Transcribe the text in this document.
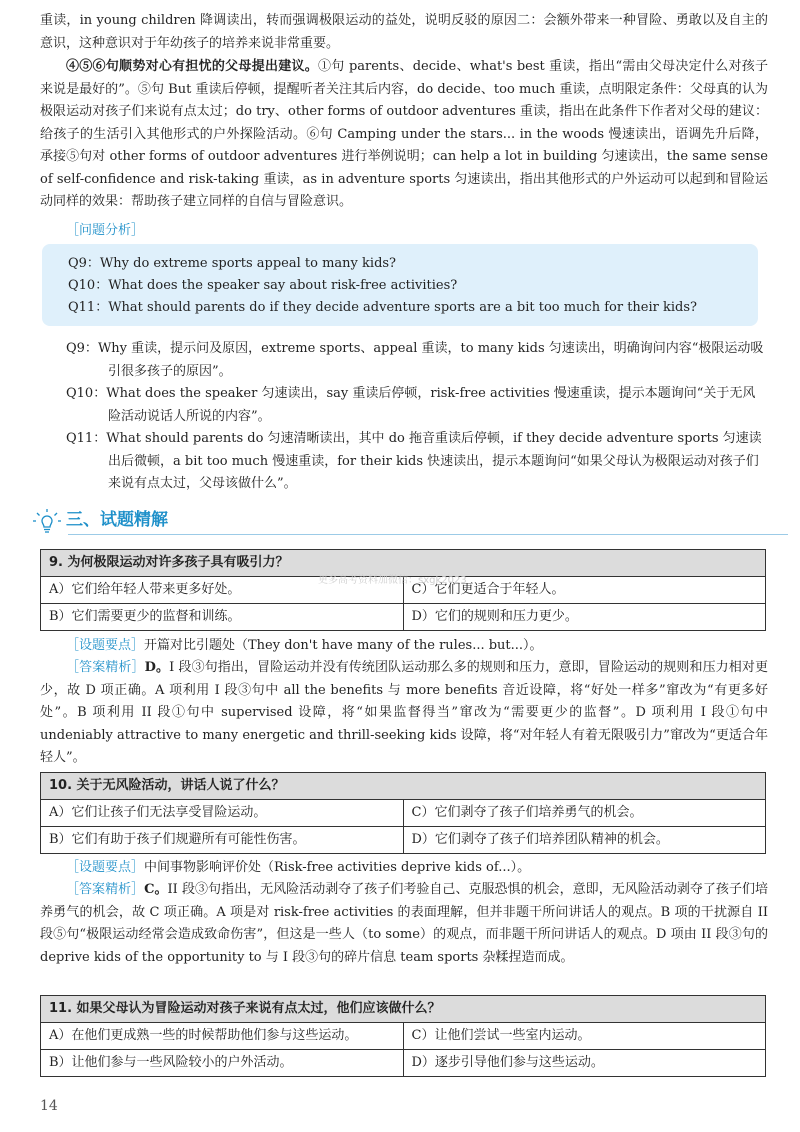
重读，in young children 降调读出，转而强调极限运动的益处，说明反驳的原因二：会额外带来一种冒险、勇敢以及自主的意识，这种意识对于年幼孩子的培养来说非常重要。
④⑤⑥句顺势对心有担忧的父母提出建议。①句 parents、decide、what's best 重读，指出“需由父母决定什么对孩子来说是最好的”。⑤句 But 重读后停顿，提醒听者关注其后内容，do decide、too much 重读，点明限定条件：父母真的认为极限运动对孩子们来说有点太过；do try、other forms of outdoor adventures 重读，指出在此条件下作者对父母的建议：给孩子的生活引入其他形式的户外探险活动。⑥句 Camping under the stars... in the woods 慢速读出，语调先升后降，承接⑤句对 other forms of outdoor adventures 进行举例说明；can help a lot in building 匀速读出，the same sense of self-confidence and risk-taking 重读，as in adventure sports 匀速读出，指出其他形式的户外运动可以起到和冒险运动同样的效果：帮助孩子建立同样的自信与冒险意识。
［问题分析］
Q9：Why do extreme sports appeal to many kids?
Q10：What does the speaker say about risk-free activities?
Q11：What should parents do if they decide adventure sports are a bit too much for their kids?
Q9：Why 重读，提示问及原因，extreme sports、appeal 重读，to many kids 匀速读出，明确询问内容“极限运动吸引很多孩子的原因”。
Q10：What does the speaker 匀速读出，say 重读后停顿，risk-free activities 慢速重读，提示本题询问“关于无风险活动说话人所说的内容”。
Q11：What should parents do 匀速清晰读出，其中 do 拖音重读后停顿，if they decide adventure sports 匀速读出后微顿，a bit too much 慢速重读，for their kids 快速读出，提示本题询问“如果父母认为极限运动对孩子们来说有点太过，父母该做什么”。
三、试题精解
9. 为何极限运动对许多孩子具有吸引力？	
A）它们给年轻人带来更多好处。	C）它们更适合于年轻人。
B）它们需要更少的监督和训练。	D）它们的规则和压力更少。
更多高考资料加微信：sxgk2023

［设题要点］开篇对比引题处（They don't have many of the rules... but...）。

［答案精析］D。I 段③句指出，冒险运动并没有传统团队运动那么多的规则和压力，意即，冒险运动的规则和压力相对更少，故 D 项正确。A 项利用 I 段③句中 all the benefits 与 more benefits 音近设障，将“好处一样多”窜改为“有更多好处”。B 项利用 II 段①句中 supervised 设障，将“如果监督得当”窜改为“需要更少的监督”。D 项利用 I 段①句中 undeniably attractive to many energetic and thrill-seeking kids 设障，将“对年轻人有着无限吸引力”窜改为“更适合年轻人”。

10. 关于无风险活动，讲话人说了什么？	
A）它们让孩子们无法享受冒险运动。	C）它们剥夺了孩子们培养勇气的机会。
B）它们有助于孩子们规避所有可能性伤害。	D）它们剥夺了孩子们培养团队精神的机会。

［设题要点］中间事物影响评价处（Risk-free activities deprive kids of...）。

［答案精析］C。II 段③句指出，无风险活动剥夺了孩子们考验自己、克服恐惧的机会，意即，无风险活动剥夺了孩子们培养勇气的机会，故 C 项正确。A 项是对 risk-free activities 的表面理解，但并非题干所问讲话人的观点。B 项的干扰源自 II 段⑤句“极限运动经常会造成致命伤害”，但这是一些人（to some）的观点，而非题干所问讲话人的观点。D 项由 II 段③句的 deprive kids of the opportunity to 与 I 段③句的碎片信息 team sports 杂糅捏造而成。

11. 如果父母认为冒险运动对孩子来说有点太过，他们应该做什么？	
A）在他们更成熟一些的时候帮助他们参与这些运动。	C）让他们尝试一些室内运动。
B）让他们参与一些风险较小的户外活动。	D）逐步引导他们参与这些运动。
14
